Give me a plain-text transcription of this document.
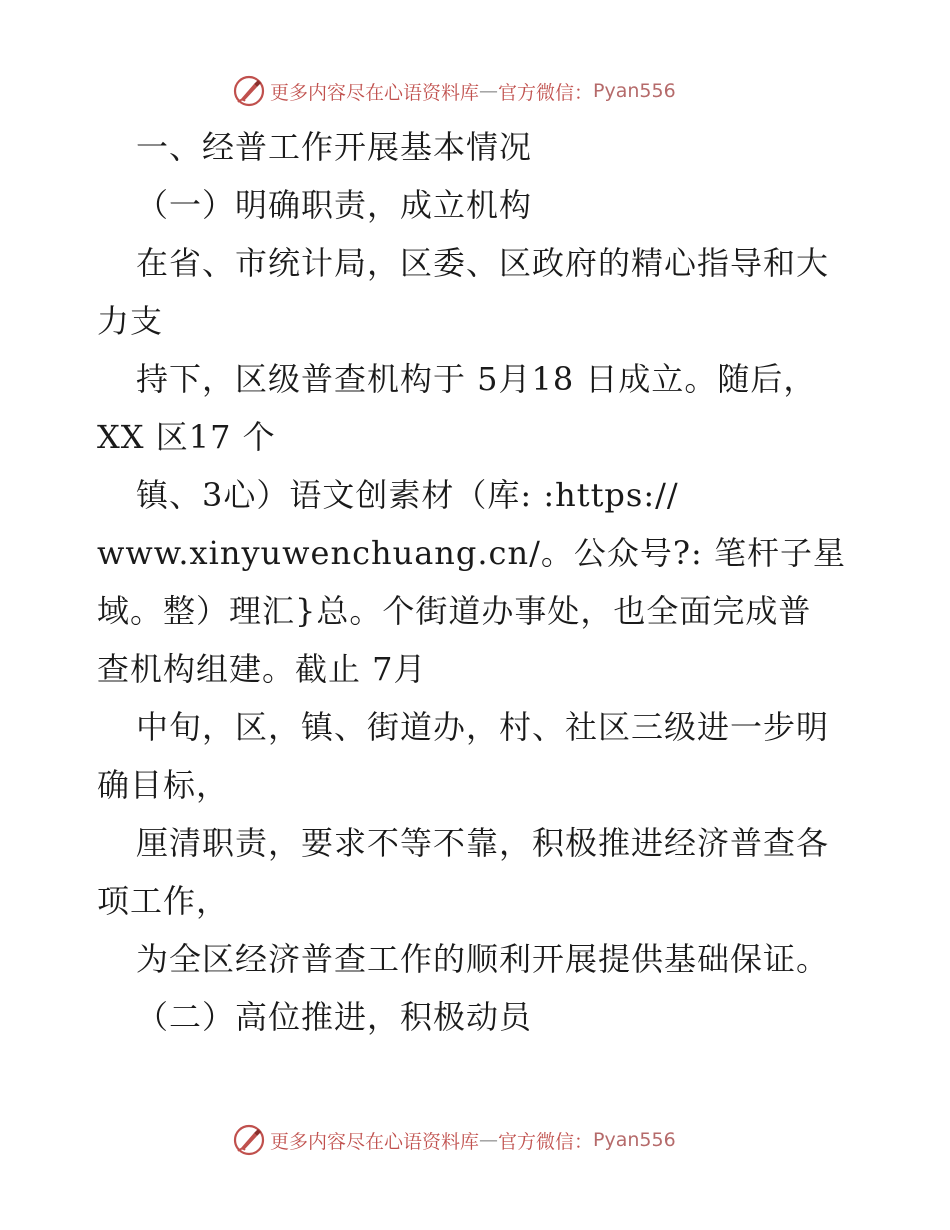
更多内容尽在心语资料库 — 官方微信： Pyan556
一、经普工作开展基本情况
（一）明确职责，成立机构
在省、市统计局，区委、区政府的精心指导和大
力支
持下，区级普查机构于 5月18 日成立。随后，
XX 区17 个
镇、3心）语文创素材（库: :https://
www.xinyuwenchuang.cn/。公众号?: 笔杆子星
域。整）理汇}总。个街道办事处，也全面完成普
查机构组建。截止 7月
中旬，区，镇、街道办，村、社区三级进一步明
确目标，
厘清职责，要求不等不靠，积极推进经济普查各
项工作，
为全区经济普查工作的顺利开展提供基础保证。
（二）高位推进，积极动员
更多内容尽在心语资料库 — 官方微信： Pyan556
